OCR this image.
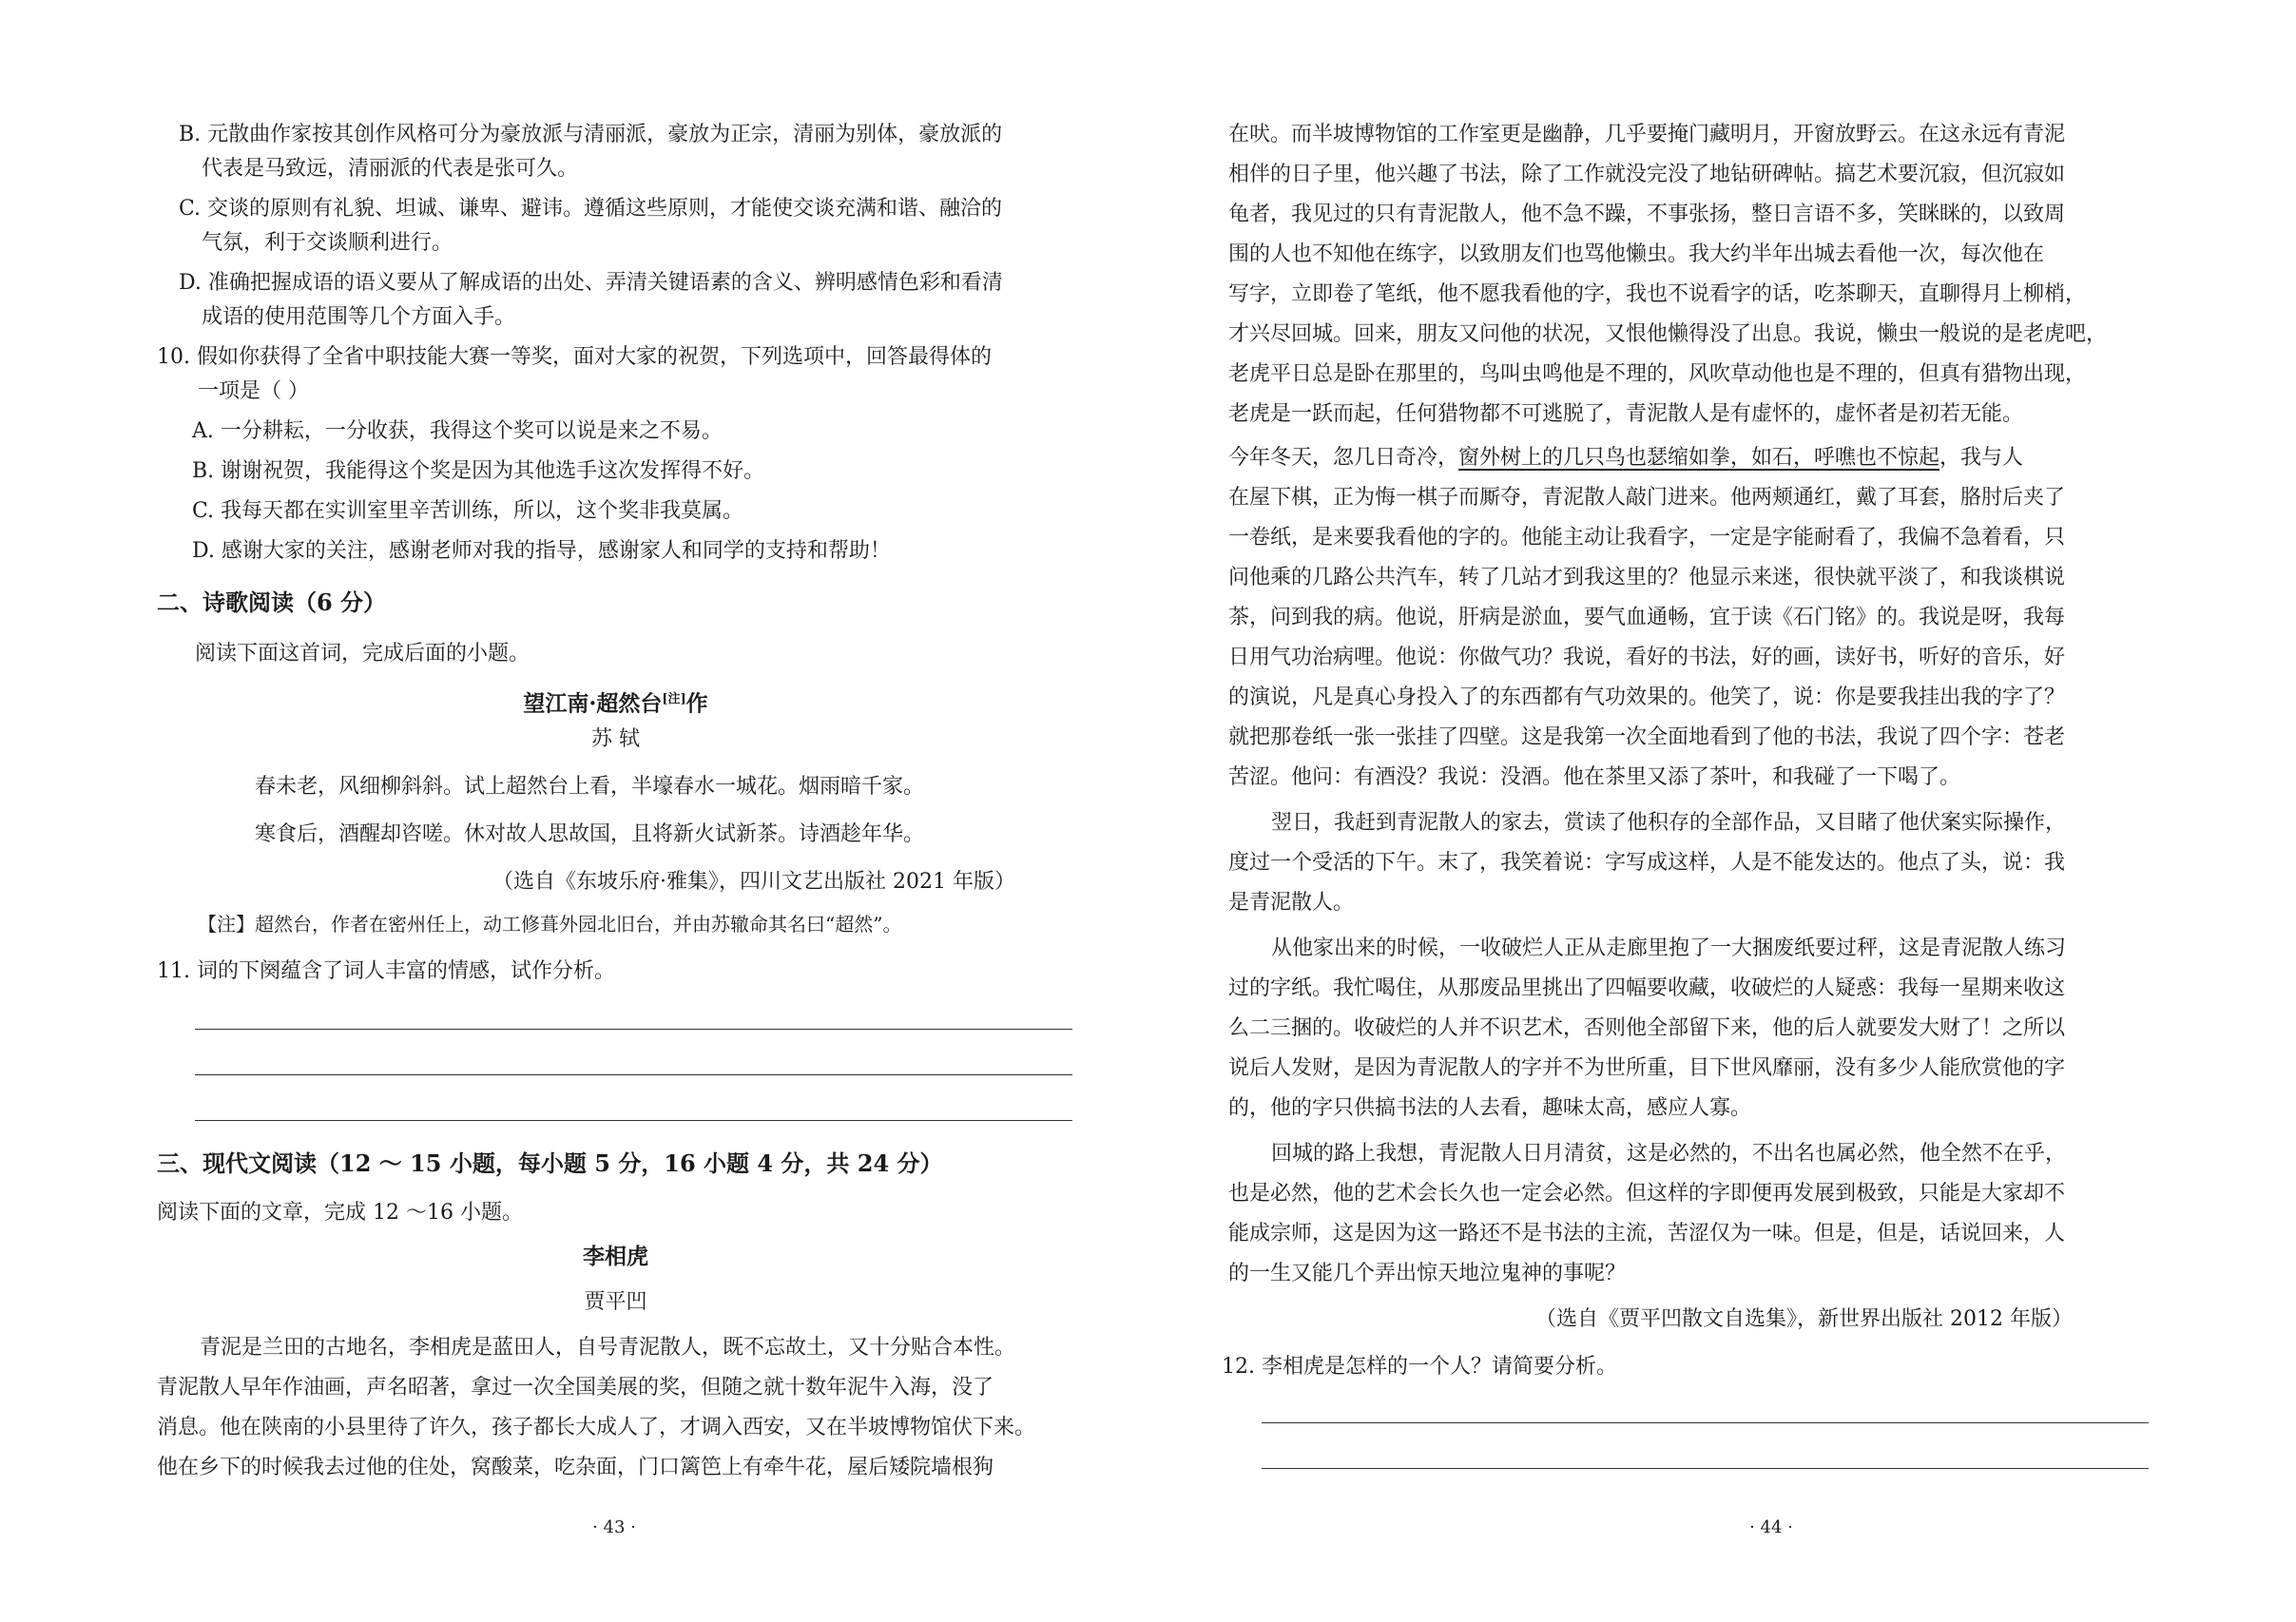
B. 元散曲作家按其创作风格可分为豪放派与清丽派，豪放为正宗，清丽为别体，豪放派的
代表是马致远，清丽派的代表是张可久。
C. 交谈的原则有礼貌、坦诚、谦卑、避讳。遵循这些原则，才能使交谈充满和谐、融洽的
气氛，利于交谈顺利进行。
D. 准确把握成语的语义要从了解成语的出处、弄清关键语素的含义、辨明感情色彩和看清
成语的使用范围等几个方面入手。
10. 假如你获得了全省中职技能大赛一等奖，面对大家的祝贺，下列选项中，回答最得体的
一项是（ ）
A. 一分耕耘，一分收获，我得这个奖可以说是来之不易。
B. 谢谢祝贺，我能得这个奖是因为其他选手这次发挥得不好。
C. 我每天都在实训室里辛苦训练，所以，这个奖非我莫属。
D. 感谢大家的关注，感谢老师对我的指导，感谢家人和同学的支持和帮助！
二、诗歌阅读（6 分）
阅读下面这首词，完成后面的小题。
望江南·超然台[注]作
苏 轼
春未老，风细柳斜斜。试上超然台上看，半壕春水一城花。烟雨暗千家。
寒食后，酒醒却咨嗟。休对故人思故国，且将新火试新茶。诗酒趁年华。
（选自《东坡乐府·雅集》，四川文艺出版社 2021 年版）
【注】超然台，作者在密州任上，动工修葺外园北旧台，并由苏辙命其名曰“超然”。
11. 词的下阕蕴含了词人丰富的情感，试作分析。
三、现代文阅读（12 ～ 15 小题，每小题 5 分，16 小题 4 分，共 24 分）
阅读下面的文章，完成 12 ～16 小题。
李相虎
贾平凹
青泥是兰田的古地名，李相虎是蓝田人，自号青泥散人，既不忘故土，又十分贴合本性。
青泥散人早年作油画，声名昭著，拿过一次全国美展的奖，但随之就十数年泥牛入海，没了
消息。他在陕南的小县里待了许久，孩子都长大成人了，才调入西安，又在半坡博物馆伏下来。
他在乡下的时候我去过他的住处，窝酸菜，吃杂面，门口篱笆上有牵牛花，屋后矮院墙根狗
· 43 ·
在吠。而半坡博物馆的工作室更是幽静，几乎要掩门藏明月，开窗放野云。在这永远有青泥
相伴的日子里，他兴趣了书法，除了工作就没完没了地钻研碑帖。搞艺术要沉寂，但沉寂如
龟者，我见过的只有青泥散人，他不急不躁，不事张扬，整日言语不多，笑眯眯的，以致周
围的人也不知他在练字，以致朋友们也骂他懒虫。我大约半年出城去看他一次，每次他在
写字，立即卷了笔纸，他不愿我看他的字，我也不说看字的话，吃茶聊天，直聊得月上柳梢，
才兴尽回城。回来，朋友又问他的状况，又恨他懒得没了出息。我说，懒虫一般说的是老虎吧，
老虎平日总是卧在那里的，鸟叫虫鸣他是不理的，风吹草动他也是不理的，但真有猎物出现，
老虎是一跃而起，任何猎物都不可逃脱了，青泥散人是有虚怀的，虚怀者是初若无能。
今年冬天，忽几日奇冷，窗外树上的几只鸟也瑟缩如拳，如石，呼噍也不惊起，我与人
在屋下棋，正为悔一棋子而厮夺，青泥散人敲门进来。他两颊通红，戴了耳套，胳肘后夹了
一卷纸，是来要我看他的字的。他能主动让我看字，一定是字能耐看了，我偏不急着看，只
问他乘的几路公共汽车，转了几站才到我这里的？他显示来迷，很快就平淡了，和我谈棋说
茶，问到我的病。他说，肝病是淤血，要气血通畅，宜于读《石门铭》的。我说是呀，我每
日用气功治病哩。他说：你做气功？我说，看好的书法，好的画，读好书，听好的音乐，好
的演说，凡是真心身投入了的东西都有气功效果的。他笑了，说：你是要我挂出我的字了？
就把那卷纸一张一张挂了四壁。这是我第一次全面地看到了他的书法，我说了四个字：苍老
苦涩。他问：有酒没？我说：没酒。他在茶里又添了茶叶，和我碰了一下喝了。
翌日，我赶到青泥散人的家去，赏读了他积存的全部作品，又目睹了他伏案实际操作，
度过一个受活的下午。末了，我笑着说：字写成这样，人是不能发达的。他点了头，说：我
是青泥散人。
从他家出来的时候，一收破烂人正从走廊里抱了一大捆废纸要过秤，这是青泥散人练习
过的字纸。我忙喝住，从那废品里挑出了四幅要收藏，收破烂的人疑惑：我每一星期来收这
么二三捆的。收破烂的人并不识艺术，否则他全部留下来，他的后人就要发大财了！之所以
说后人发财，是因为青泥散人的字并不为世所重，目下世风靡丽，没有多少人能欣赏他的字
的，他的字只供搞书法的人去看，趣味太高，感应人寡。
回城的路上我想，青泥散人日月清贫，这是必然的，不出名也属必然，他全然不在乎，
也是必然，他的艺术会长久也一定会必然。但这样的字即便再发展到极致，只能是大家却不
能成宗师，这是因为这一路还不是书法的主流，苦涩仅为一味。但是，但是，话说回来，人
的一生又能几个弄出惊天地泣鬼神的事呢？
（选自《贾平凹散文自选集》，新世界出版社 2012 年版）
12. 李相虎是怎样的一个人？请简要分析。
· 44 ·
